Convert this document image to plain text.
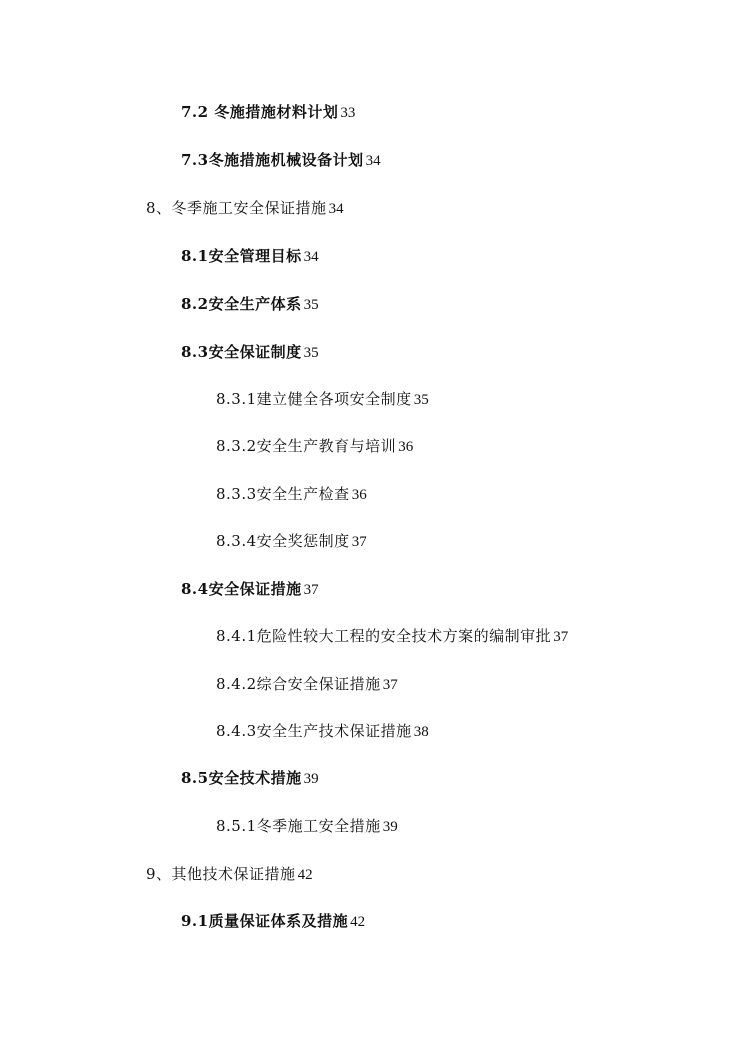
7.2 冬施措施材料计划 33
7.3冬施措施机械设备计划 34
8、冬季施工安全保证措施 34
8.1安全管理目标 34
8.2安全生产体系 35
8.3安全保证制度 35
8.3.1建立健全各项安全制度 35
8.3.2安全生产教育与培训 36
8.3.3安全生产检查 36
8.3.4安全奖惩制度 37
8.4安全保证措施 37
8.4.1危险性较大工程的安全技术方案的编制审批 37
8.4.2综合安全保证措施 37
8.4.3安全生产技术保证措施 38
8.5安全技术措施 39
8.5.1冬季施工安全措施 39
9、其他技术保证措施 42
9.1质量保证体系及措施 42
